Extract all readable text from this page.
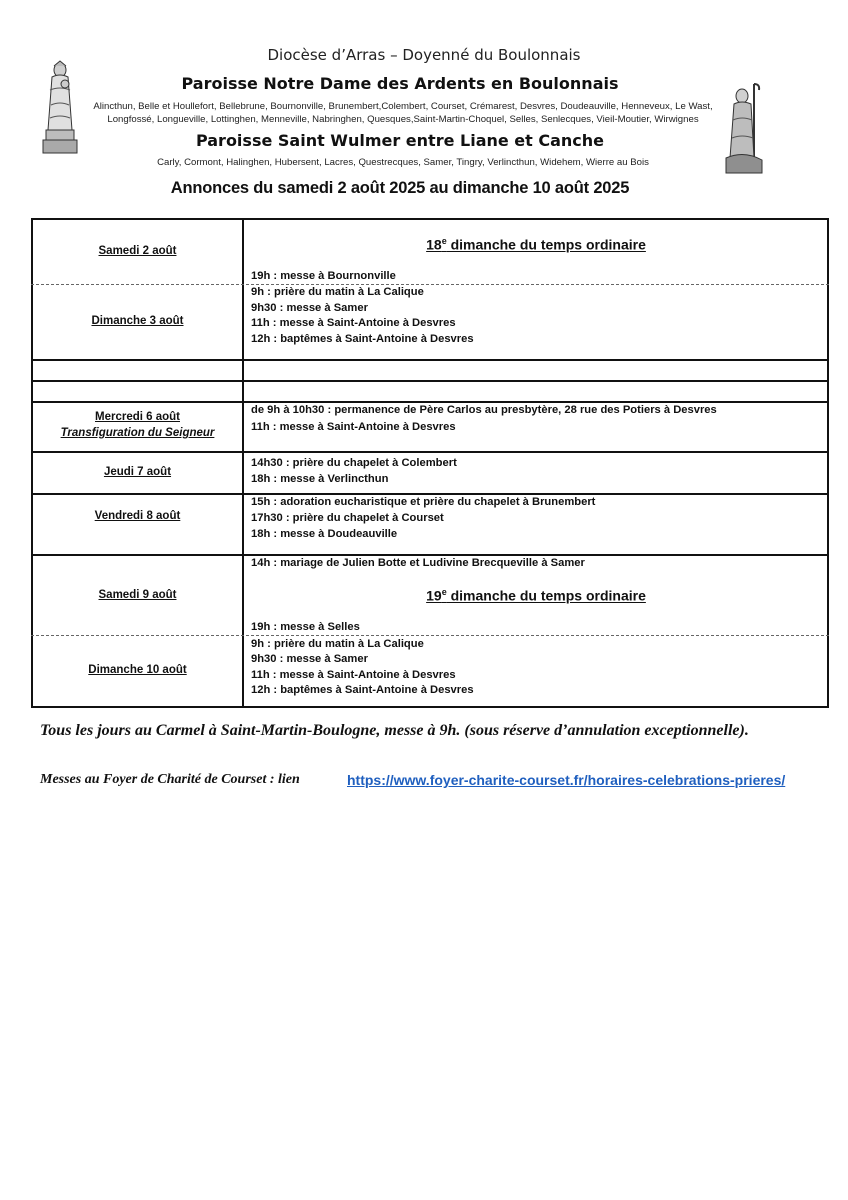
Diocèse d’Arras – Doyenné du Boulonnais
Paroisse Notre Dame des Ardents en Boulonnais
Alincthun, Belle et Houllefort, Bellebrune, Bournonville, Brunembert,Colembert, Courset, Crémarest, Desvres, Doudeauville, Henneveux, Le Wast,
Longfossé, Longueville, Lottinghen, Menneville, Nabringhen, Quesques,Saint-Martin-Choquel, Selles, Senlecques, Vieil-Moutier, Wirwignes
Paroisse Saint Wulmer entre Liane et Canche
Carly, Cormont, Halinghen, Hubersent, Lacres, Questrecques, Samer, Tingry, Verlincthun, Widehem, Wierre au Bois
Annonces du samedi 2 août 2025 au dimanche 10 août 2025
Samedi 2 août	18e dimanche du temps ordinaire
19h : messe à Bournonville
Dimanche 3 août
9h : prière du matin à La Calique
9h30 : messe à Samer
11h : messe à Saint-Antoine à Desvres
12h : baptêmes à Saint-Antoine à Desvres
Mercredi 6 août
Transfiguration du Seigneur
de 9h à 10h30 : permanence de Père Carlos au presbytère, 28 rue des Potiers à Desvres
11h : messe à Saint-Antoine à Desvres
Jeudi 7 août
14h30 : prière du chapelet à Colembert
18h : messe à Verlincthun
Vendredi 8 août
15h : adoration eucharistique et prière du chapelet à Brunembert
17h30 : prière du chapelet à Courset
18h : messe à Doudeauville
Samedi 9 août
14h : mariage de Julien Botte et Ludivine Brecqueville à Samer
19e dimanche du temps ordinaire
19h : messe à Selles
Dimanche 10 août
9h : prière du matin à La Calique
9h30 : messe à Samer
11h : messe à Saint-Antoine à Desvres
12h : baptêmes à Saint-Antoine à Desvres
Tous les jours au Carmel à Saint-Martin-Boulogne, messe à 9h. (sous réserve d’annulation exceptionnelle).
Messes au Foyer de Charité de Courset : lien	https://www.foyer-charite-courset.fr/horaires-celebrations-prieres/
